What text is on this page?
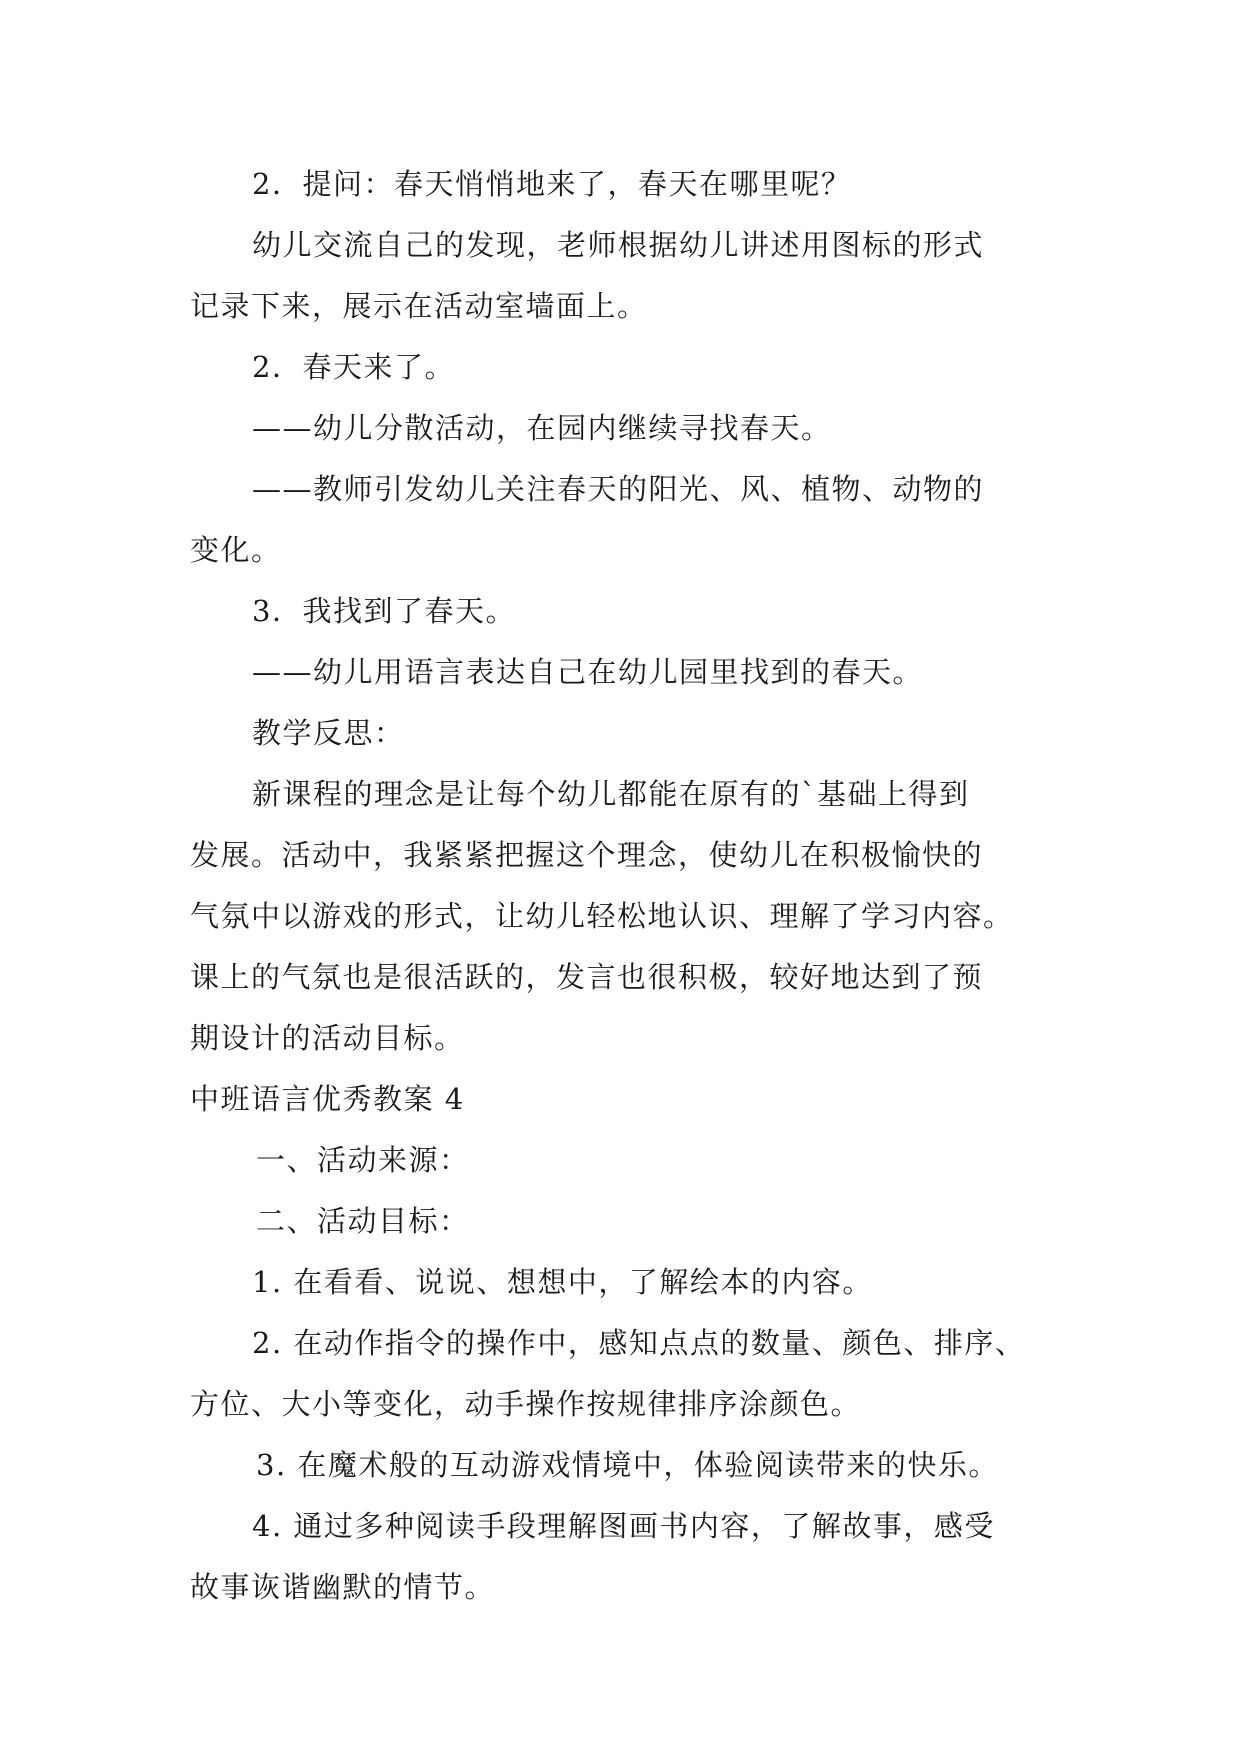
2．提问：春天悄悄地来了，春天在哪里呢？
幼儿交流自己的发现，老师根据幼儿讲述用图标的形式
记录下来，展示在活动室墙面上。
2．春天来了。
——幼儿分散活动，在园内继续寻找春天。
——教师引发幼儿关注春天的阳光、风、植物、动物的
变化。
3．我找到了春天。
——幼儿用语言表达自己在幼儿园里找到的春天。
教学反思：
新课程的理念是让每个幼儿都能在原有的`基础上得到
发展。活动中，我紧紧把握这个理念，使幼儿在积极愉快的
气氛中以游戏的形式，让幼儿轻松地认识、理解了学习内容。
课上的气氛也是很活跃的，发言也很积极，较好地达到了预
期设计的活动目标。
中班语言优秀教案 4
一、活动来源：
二、活动目标：
1. 在看看、说说、想想中，了解绘本的内容。
2. 在动作指令的操作中，感知点点的数量、颜色、排序、
方位、大小等变化，动手操作按规律排序涂颜色。
3. 在魔术般的互动游戏情境中，体验阅读带来的快乐。
4. 通过多种阅读手段理解图画书内容，了解故事，感受
故事诙谐幽默的情节。
